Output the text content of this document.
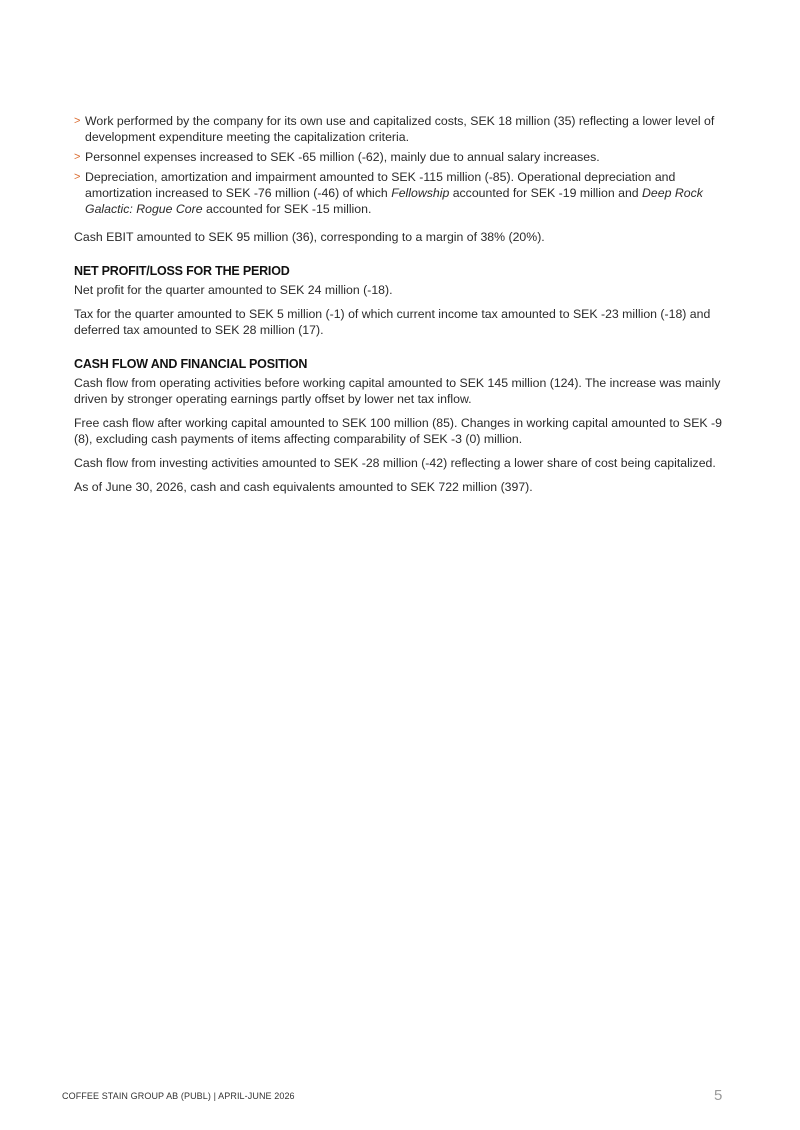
> Work performed by the company for its own use and capitalized costs, SEK 18 million (35) reflecting a lower level of development expenditure meeting the capitalization criteria.
> Personnel expenses increased to SEK -65 million (-62), mainly due to annual salary increases.
> Depreciation, amortization and impairment amounted to SEK -115 million (-85). Operational depreciation and amortization increased to SEK -76 million (-46) of which Fellowship accounted for SEK -19 million and Deep Rock Galactic: Rogue Core accounted for SEK -15 million.

Cash EBIT amounted to SEK 95 million (36), corresponding to a margin of 38% (20%).

NET PROFIT/LOSS FOR THE PERIOD

Net profit for the quarter amounted to SEK 24 million (-18).

Tax for the quarter amounted to SEK 5 million (-1) of which current income tax amounted to SEK -23 million (-18) and deferred tax amounted to SEK 28 million (17).

CASH FLOW AND FINANCIAL POSITION

Cash flow from operating activities before working capital amounted to SEK 145 million (124). The increase was mainly driven by stronger operating earnings partly offset by lower net tax inflow.

Free cash flow after working capital amounted to SEK 100 million (85). Changes in working capital amounted to SEK -9 (8), excluding cash payments of items affecting comparability of SEK -3 (0) million.

Cash flow from investing activities amounted to SEK -28 million (-42) reflecting a lower share of cost being capitalized.

As of June 30, 2026, cash and cash equivalents amounted to SEK 722 million (397).

COFFEE STAIN GROUP AB (PUBL) | APRIL-JUNE 2026	5
